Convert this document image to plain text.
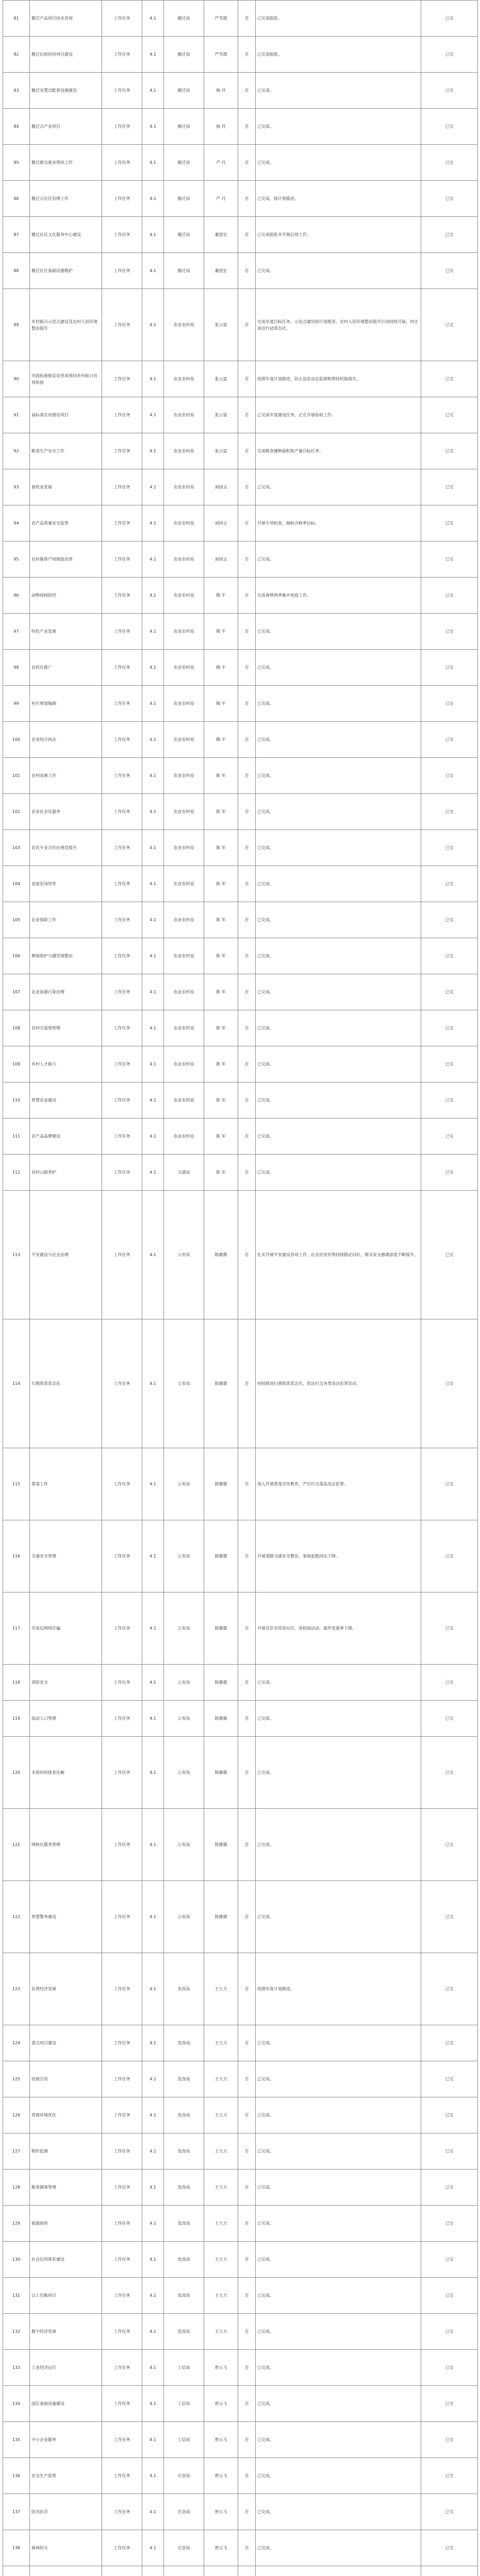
81	搬迁产品项目技术咨询	工作任务	4.1	搬迁局	严雪霞	否	已完成报批。	已完
82	搬迁后续扶持项目建设	工作任务	4.1	搬迁局	严雪霞	否	已完成报批。	已完
83	搬迁安置点配套设施建设	工作任务	4.1	搬迁局	杨 玲	否	已完成。	已完
84	搬迁点产业项目	工作任务	4.1	搬迁局	杨 玲	否	已完成。	已完
85	搬迁群众就业帮扶工作	工作任务	4.1	搬迁局	严 丹	否	已完成。	已完
86	搬迁点社区治理工作	工作任务	4.1	搬迁局	严 丹	否	已完成，按计划推进。	已完
87	搬迁社区文化服务中心建设	工作任务	4.1	搬迁局	董迎宏	否	已完成报批并开展后续工作。	已完
88	搬迁社区基础设施维护	工作任务	4.1	搬迁局	董迎宏	否	已完成。	已完
89	乡村振兴示范点建设及农村人居环境整治提升	工作任务	4.1	农业农村局	张云富	否	完成年度目标任务，示范点建设按计划推进，农村人居环境整治提升行动持续开展，村庄清洁行动常态化。	已完
90	巩固拓展脱贫攻坚成果同乡村振兴有效衔接	工作任务	4.1	农业农村局	张云富	否	按照年度计划推进，防止返贫动态监测和帮扶机制落实。	已完
91	高标准农田建设项目	工作任务	4.1	农业农村局	张云富	否	已完成年度建设任务，正在开展验收工作。	已完
92	粮食生产安全工作	工作任务	4.1	农业农村局	张云富	否	完成粮食播种面积和产量目标任务。	已完
93	畜牧业发展	工作任务	4.1	农业农村局	刘国文	否	已完成。	已完
94	农产品质量安全监管	工作任务	4.1	农业农村局	刘国文	否	开展专项检查，抽检合格率达标。	已完
95	农村集体产权制度改革	工作任务	4.1	农业农村局	刘国文	否	已完成。	已完
96	动物疫病防控	工作任务	4.1	农业农村局	陶 平	否	完成春秋两季集中免疫工作。	已完
97	特色产业发展	工作任务	4.1	农业农村局	陶 平	否	已完成。	已完
98	农机化推广	工作任务	4.1	农业农村局	陶 平	否	已完成。	已完
99	村庄规划编制	工作任务	4.1	农业农村局	陶 平	否	已完成。	已完
100	农业综合执法	工作任务	4.1	农业农村局	陶 平	否	已完成。	已完
101	农村改厕工作	工作任务	4.1	农业农村局	陈 军	否	已完成。	已完
102	农业社会化服务	工作任务	4.1	农业农村局	陈 军	否	已完成。	已完
103	农民专业合作社规范提升	工作任务	4.1	农业农村局	陈 军	否	已完成。	已完
104	家庭农场培育	工作任务	4.1	农业农村局	陈 军	否	已完成。	已完
105	农业保险工作	工作任务	4.1	农业农村局	陈 军	否	已完成。	已完
106	耕地保护与撂荒地整治	工作任务	4.1	农业农村局	陈 军	否	已完成。	已完
107	农业面源污染治理	工作任务	4.1	农业农村局	陈 军	否	已完成。	已完
108	农村宅基地管理	工作任务	4.1	农业农村局	陈 军	否	已完成。	已完
109	乡村人才振兴	工作任务	4.1	农业农村局	陈 军	否	已完成。	已完
110	智慧农业建设	工作任务	4.1	农业农村局	陈 军	否	已完成。	已完
111	农产品品牌建设	工作任务	4.1	农业农村局	陈 军	否	已完成。	已完
112	农村公路养护	工作任务	4.1	交通局	陈 军	否	已完成。	已完
113	平安建设与社会治理	工作任务	4.1	公安局	陈健雄	否	扎实开展平安建设各项工作，社会治安形势持续稳定向好，群众安全感满意度不断提升。	已完
114	扫黑除恶常态化	工作任务	4.1	公安局	陈健雄	否	持续推进扫黑除恶常态化，依法打击各类违法犯罪活动。	已完
115	禁毒工作	工作任务	4.1	公安局	陈健雄	否	深入开展禁毒宣传教育，严厉打击毒品违法犯罪。	已完
116	交通安全管理	工作任务	4.1	公安局	陈健雄	否	开展道路交通安全整治，事故起数同比下降。	已完
117	反电信网络诈骗	工作任务	4.1	公安局	陈健雄	否	开展反诈宣传进社区、进校园活动，案件发案率下降。	已完
118	消防安全	工作任务	4.1	公安局	陈健雄	否	已完成。	已完
119	流动人口管理	工作任务	4.1	公安局	陈健雄	否	已完成。	已完
120	矛盾纠纷排查化解	工作任务	4.1	公安局	陈健雄	否	已完成。	已完
121	网格化服务管理	工作任务	4.1	公安局	陈健雄	否	已完成。	已完
122	智慧警务建设	工作任务	4.1	公安局	陈健雄	否	已完成。	已完
123	民营经济发展	工作任务	4.1	发改局	王大力	否	按照年度计划推进。	已完
124	重点项目建设	工作任务	4.1	发改局	王大力	否	已完成。	已完
125	招商引资	工作任务	4.1	发改局	王大力	否	已完成。	已完
126	营商环境优化	工作任务	4.1	发改局	王大力	否	已完成。	已完
127	物价监测	工作任务	4.1	发改局	王大力	否	已完成。	已完
128	粮食储备管理	工作任务	4.1	发改局	王大力	否	已完成。	已完
129	能源保供	工作任务	4.1	发改局	王大力	否	已完成。	已完
130	社会信用体系建设	工作任务	4.1	发改局	王大力	否	已完成。	已完
131	以工代赈项目	工作任务	4.1	发改局	王大力	否	已完成。	已完
132	数字经济发展	工作任务	4.1	发改局	王大力	否	已完成。	已完
133	工业经济运行	工作任务	4.1	工信局	曾云飞	否	已完成。	已完
134	园区基础设施建设	工作任务	4.1	工信局	曾云飞	否	已完成。	已完
135	中小企业服务	工作任务	4.1	工信局	曾云飞	否	已完成。	已完
136	安全生产监管	工作任务	4.1	应急局	曾云飞	否	已完成。	已完
137	防汛抗旱	工作任务	4.1	应急局	曾云飞	否	已完成。	已完
138	森林防火	工作任务	4.1	应急局	曾云飞	否	已完成。	已完
